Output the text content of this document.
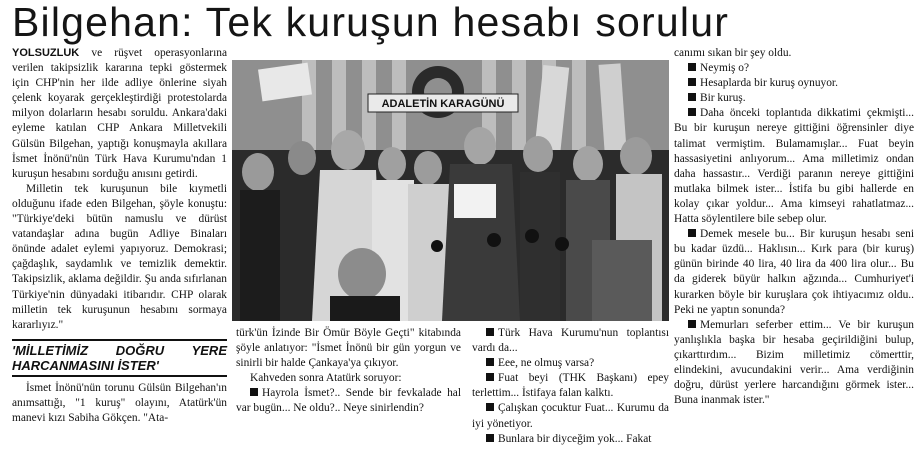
Bilgehan: Tek kuruşun hesabı sorulur

YOLSUZLUK ve rüşvet operasyonlarına verilen takipsizlik kararına tepki göstermek için CHP'nin her ilde adliye önlerine siyah çelenk koyarak gerçekleştirdiği protestolarda milyon dolarların hesabı soruldu. Ankara'daki eyleme katılan CHP Ankara Milletvekili Gülsün Bilgehan, yaptığı konuşmayla akıllara İsmet İnönü'nün Türk Hava Kurumu'ndan 1 kuruşun hesabını sorduğu anısını getirdi.

Milletin tek kuruşunun bile kıymetli olduğunu ifade eden Bilgehan, şöyle konuştu: "Türkiye'deki bütün namuslu ve dürüst vatandaşlar adına bugün Adliye Binaları önünde adalet eylemi yapıyoruz. Demokrasi; çağdaşlık, saydamlık ve temizlik demektir. Takipsizlik, aklama değildir. Şu anda sıfırlanan Türkiye'nin dünyadaki itibarıdır. CHP olarak milletin tek kuruşunun hesabını sormaya kararlıyız."

'MİLLETİMİZ DOĞRU YERE HARCANMASINI İSTER'

İsmet İnönü'nün torunu Gülsün Bilgehan'ın anımsattığı, "1 kuruş" olayını, Atatürk'ün manevi kızı Sabiha Gökçen. "Ata-

ADALETİN KARAGÜNÜ

türk'ün İzinde Bir Ömür Böyle Geçti" kitabında şöyle anlatıyor: "İsmet İnönü bir gün yorgun ve sinirli bir halde Çankaya'ya çıkıyor.

Kahveden sonra Atatürk soruyor:

Hayrola İsmet?.. Sende bir fevkalade hal var bugün... Ne oldu?.. Neye sinirlendin?

Türk Hava Kurumu'nun toplantısı vardı da...

Eee, ne olmuş varsa?

Fuat beyi (THK Başkanı) epey terlettim... İstifaya falan kalktı.

Çalışkan çocuktur Fuat... Kurumu da iyi yönetiyor.

Bunlara bir diyceğim yok... Fakat

canımı sıkan bir şey oldu.

Neymiş o?

Hesaplarda bir kuruş oynuyor.

Bir kuruş.

Daha önceki toplantıda dikkatimi çekmişti... Bu bir kuruşun nereye gittiğini öğrensinler diye talimat vermiştim. Bulamamışlar... Fuat beyin hassasiyetini anlıyorum... Ama milletimiz ondan daha hassastır... Verdiği paranın nereye gittiğini mutlaka bilmek ister... İstifa bu gibi hallerde en kolay çıkar yoldur... Ama kimseyi rahatlatmaz... Hatta söylentilere bile sebep olur.

Demek mesele bu... Bir kuruşun hesabı seni bu kadar üzdü... Haklısın... Kırk para (bir kuruş) günün birinde 40 lira, 40 lira da 400 lira olur... Bu da giderek büyür halkın ağzında... Cumhuriyet'i kurarken böyle bir kuruşlara çok ihtiyacımız oldu.. Peki ne yaptın sonunda?

Memurları seferber ettim... Ve bir kuruşun yanlışlıkla başka bir hesaba geçirildiğini bulup, çıkarttırdım... Bizim milletimiz cömerttir, elindekini, avucundakini verir... Ama verdiğinin doğru, dürüst yerlere harcandığını görmek ister... Buna inanmak ister."
